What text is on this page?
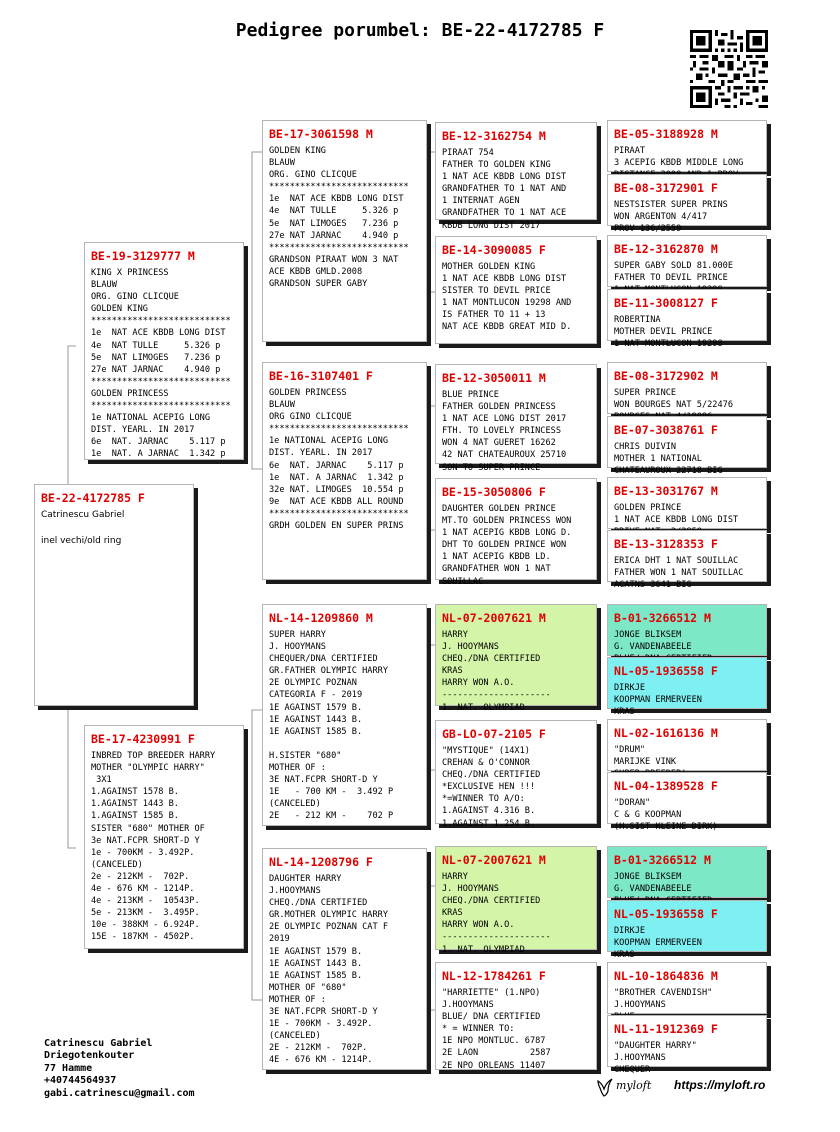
Pedigree porumbel: BE-22-4172785 F
BE-22-4172785 F
Catrinescu Gabriel

inel vechi/old ring
BE-19-3129777 M
KING X PRINCESS
BLAUW
ORG. GINO CLICQUE
GOLDEN KING
***************************
1e  NAT ACE KBDB LONG DIST
4e  NAT TULLE     5.326 p
5e  NAT LIMOGES   7.236 p
27e NAT JARNAC    4.940 p
***************************
GOLDEN PRINCESS
***************************
1e NATIONAL ACEPIG LONG
DIST. YEARL. IN 2017
6e  NAT. JARNAC    5.117 p
1e  NAT. A JARNAC  1.342 p
BE-17-4230991 F
INBRED TOP BREEDER HARRY
MOTHER "OLYMPIC HARRY"
3X1
1.AGAINST 1578 B.
1.AGAINST 1443 B.
1.AGAINST 1585 B.
SISTER "680" MOTHER OF
3e NAT.FCPR SHORT-D Y
1e - 700KM - 3.492P.
(CANCELED)
2e - 212KM -  702P.
4e - 676 KM - 1214P.
4e - 213KM -  10543P.
5e - 213KM -  3.495P.
10e - 388KM - 6.924P.
15E - 187KM - 4502P.
BE-17-3061598 M
GOLDEN KING
BLAUW
ORG. GINO CLICQUE
***************************
1e  NAT ACE KBDB LONG DIST
4e  NAT TULLE     5.326 p
5e  NAT LIMOGES   7.236 p
27e NAT JARNAC    4.940 p
***************************
GRANDSON PIRAAT WON 3 NAT
ACE KBDB GMLD.2008
GRANDSON SUPER GABY
BE-16-3107401 F
GOLDEN PRINCESS
BLAUW
ORG GINO CLICQUE
***************************
1e NATIONAL ACEPIG LONG
DIST. YEARL. IN 2017
6e  NAT. JARNAC    5.117 p
1e  NAT. A JARNAC  1.342 p
32e NAT. LIMOGES  10.554 p
9e  NAT ACE KBDB ALL ROUND
***************************
GRDH GOLDEN EN SUPER PRINS
NL-14-1209860 M
SUPER HARRY
J. HOOYMANS
CHEQUER/DNA CERTIFIED
GR.FATHER OLYMPIC HARRY
2E OLYMPIC POZNAN
CATEGORIA F - 2019
1E AGAINST 1579 B.
1E AGAINST 1443 B.
1E AGAINST 1585 B.

H.SISTER "680"
MOTHER OF :
3E NAT.FCPR SHORT-D Y
1E   - 700 KM -  3.492 P
(CANCELED)
2E   - 212 KM -    702 P
NL-14-1208796 F
DAUGHTER HARRY
J.HOOYMANS
CHEQ./DNA CERTIFIED
GR.MOTHER OLYMPIC HARRY
2E OLYMPIC POZNAN CAT F
2019
1E AGAINST 1579 B.
1E AGAINST 1443 B.
1E AGAINST 1585 B.
MOTHER OF "680"
MOTHER OF :
3E NAT.FCPR SHORT-D Y
1E - 700KM - 3.492P.
(CANCELED)
2E - 212KM -  702P.
4E - 676 KM - 1214P.
BE-12-3162754 M
PIRAAT 754
FATHER TO GOLDEN KING
1 NAT ACE KBDB LONG DIST
GRANDFATHER TO 1 NAT AND
1 INTERNAT AGEN
GRANDFATHER TO 1 NAT ACE
KBDB LONG DIST 2017
BE-14-3090085 F
MOTHER GOLDEN KING
1 NAT ACE KBDB LONG DIST
SISTER TO DEVIL PRICE
1 NAT MONTLUCON 19298 AND
IS FATHER TO 11 + 13
NAT ACE KBDB GREAT MID D.
BE-12-3050011 M
BLUE PRINCE
FATHER GOLDEN PRINCESS
1 NAT ACE LONG DIST 2017
FTH. TO LOVELY PRINCESS
WON 4 NAT GUERET 16262
42 NAT CHATEAUROUX 25710
SON TO SUPER PRINCE
BE-15-3050806 F
DAUGHTER GOLDEN PRINCE
MT.TO GOLDEN PRINCESS WON
1 NAT ACEPIG KBDB LONG D.
DHT TO GOLDEN PRINCE WON
1 NAT ACEPIG KBDB LD.
GRANDFATHER WON 1 NAT
SOUILLAC
NL-07-2007621 M
HARRY
J. HOOYMANS
CHEQ./DNA CERTIFIED
KRAS
HARRY WON A.O.
---------------------
1. NAT. OLYMPIAD
GB-LO-07-2105 F
"MYSTIQUE" (14X1)
CREHAN & O'CONNOR
CHEQ./DNA CERTIFIED
*EXCLUSIVE HEN !!!
*=WINNER TO A/O:
1.AGAINST 4.316 B.
1.AGAINST 1.254 B.
NL-07-2007621 M
HARRY
J. HOOYMANS
CHEQ./DNA CERTIFIED
KRAS
HARRY WON A.O.
---------------------
1. NAT. OLYMPIAD
NL-12-1784261 F
"HARRIETTE" (1.NPO)
J.HOOYMANS
BLUE/ DNA CERTIFIED
* = WINNER TO:
1E NPO MONTLUC. 6787
2E LAON          2587
2E NPO ORLEANS 11407
BE-05-3188928 M
PIRAAT
3 ACEPIG KBDB MIDDLE LONG

BE-08-3172901 F
NESTSISTER SUPER PRINS
WON ARGENTON 4/417
PROV 136/2559
BE-12-3162870 M
SUPER GABY SOLD 81.000E
FATHER TO DEVIL PRINCE

BE-11-3008127 F
ROBERTINA
MOTHER DEVIL PRINCE
1 NAT MONTLUCON 19298
BE-08-3172902 M
SUPER PRINCE
WON BOURGES NAT 5/22476

BE-07-3038761 F
CHRIS DUIVIN
MOTHER 1 NATIONAL
CHATEAUROUX 22718 BIG
BE-13-3031767 M
GOLDEN PRINCE
1 NAT ACE KBDB LONG DIST

BE-13-3128353 F
ERICA DHT 1 NAT SOUILLAC
FATHER WON 1 NAT SOUILLAC
ACATNS 3641 BIG
B-01-3266512 M
JONGE BLIKSEM
G. VANDENABEELE

NL-05-1936558 F
DIRKJE
KOOPMAN ERMERVEEN
KRAS
NL-02-1616136 M
"DRUM"
MARIJKE VINK

NL-04-1389528 F
"DORAN"
C & G KOOPMAN
(H.SIST KLEINE DIRK)
B-01-3266512 M
JONGE BLIKSEM
G. VANDENABEELE

NL-05-1936558 F
DIRKJE
KOOPMAN ERMERVEEN
KRAS
NL-10-1864836 M
"BROTHER CAVENDISH"
J.HOOYMANS

NL-11-1912369 F
"DAUGHTER HARRY"
J.HOOYMANS
CHEQUER
Catrinescu Gabriel
Driegotenkouter
77 Hamme
+40744564937
gabi.catrinescu@gmail.com
myloft https://myloft.ro
